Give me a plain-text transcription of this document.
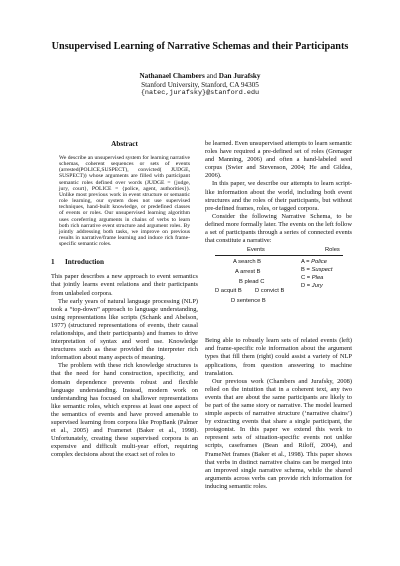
Unsupervised Learning of Narrative Schemas and their Participants
Nathanael Chambers and Dan Jurafsky
Stanford University, Stanford, CA 94305
{natec,jurafsky}@stanford.edu
Abstract

We describe an unsupervised system for learning narrative schemas, coherent sequences or sets of events (arrested(POLICE,SUSPECT), convicted( JUDGE, SUSPECT)) whose arguments are filled with participant semantic roles defined over words (JUDGE = {judge, jury, court}, POLICE = {police, agent, authorities}). Unlike most previous work in event structure or semantic role learning, our system does not use supervised techniques, hand-built knowledge, or predefined classes of events or roles. Our unsupervised learning algorithm uses coreferring arguments in chains of verbs to learn both rich narrative event structure and argument roles. By jointly addressing both tasks, we improve on previous results in narrative/frame learning and induce rich frame-specific semantic roles.

1 Introduction

This paper describes a new approach to event semantics that jointly learns event relations and their participants from unlabeled corpora.

The early years of natural language processing (NLP) took a “top-down” approach to language understanding, using representations like scripts (Schank and Abelson, 1977) (structured representations of events, their causal relationships, and their participants) and frames to drive interpretation of syntax and word use. Knowledge structures such as these provided the interpreter rich information about many aspects of meaning.

The problem with these rich knowledge structures is that the need for hand construction, specificity, and domain dependence prevents robust and flexible language understanding. Instead, modern work on understanding has focused on shallower representations like semantic roles, which express at least one aspect of the semantics of events and have proved amenable to supervised learning from corpora like PropBank (Palmer et al., 2005) and Framenet (Baker et al., 1998). Unfortunately, creating these supervised corpora is an expensive and difficult multi-year effort, requiring complex decisions about the exact set of roles to

be learned. Even unsupervised attempts to learn semantic roles have required a pre-defined set of roles (Grenager and Manning, 2006) and often a hand-labeled seed corpus (Swier and Stevenson, 2004; He and Gildea, 2006).

In this paper, we describe our attempts to learn script-like information about the world, including both event structures and the roles of their participants, but without pre-defined frames, roles, or tagged corpora.

Consider the following Narrative Schema, to be defined more formally later. The events on the left follow a set of participants through a series of connected events that constitute a narrative:

Events	Roles
A search B
A arrest B
B plead C
D acquit B D convict B
D sentence B
A = Police
B = Suspect
C = Plea
D = Jury

Being able to robustly learn sets of related events (left) and frame-specific role information about the argument types that fill them (right) could assist a variety of NLP applications, from question answering to machine translation.

Our previous work (Chambers and Jurafsky, 2008) relied on the intuition that in a coherent text, any two events that are about the same participants are likely to be part of the same story or narrative. The model learned simple aspects of narrative structure (‘narrative chains’) by extracting events that share a single participant, the protagonist. In this paper we extend this work to represent sets of situation-specific events not unlike scripts, caseframes (Bean and Riloff, 2004), and FrameNet frames (Baker et al., 1998). This paper shows that verbs in distinct narrative chains can be merged into an improved single narrative schema, while the shared arguments across verbs can provide rich information for inducing semantic roles.
